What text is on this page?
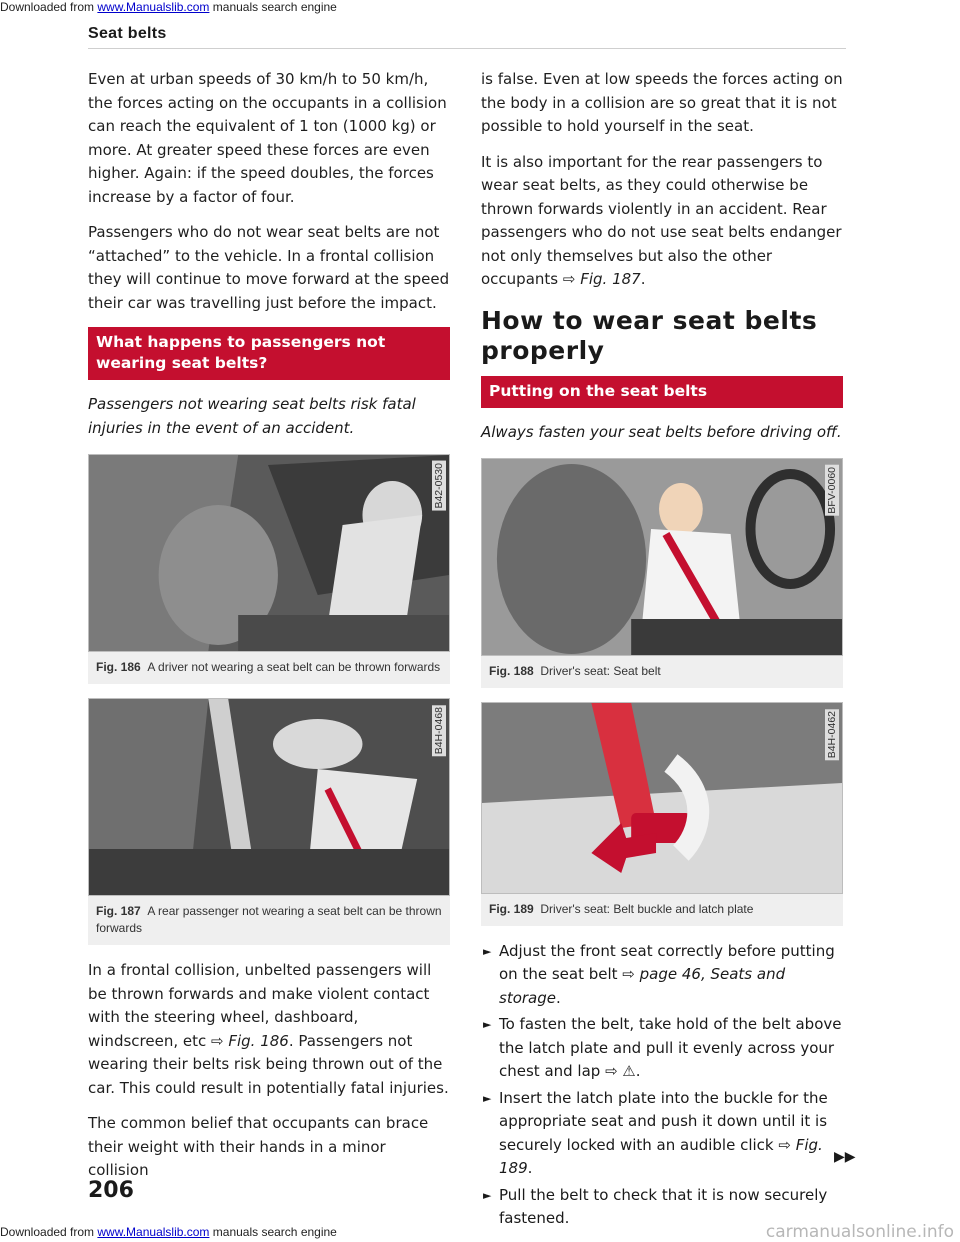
Downloaded from www.Manualslib.com manuals search engine
Seat belts

Even at urban speeds of 30 km/h to 50 km/h, the forces acting on the occupants in a collision can reach the equivalent of 1 ton (1000 kg) or more. At greater speed these forces are even higher. Again: if the speed doubles, the forces increase by a factor of four.

Passengers who do not wear seat belts are not “attached” to the vehicle. In a frontal collision they will continue to move forward at the speed their car was travelling just before the impact.

What happens to passengers not wearing seat belts?

Passengers not wearing seat belts risk fatal injuries in the event of an accident.

B42-0530
Fig. 186 A driver not wearing a seat belt can be thrown forwards
B4H-0468
Fig. 187 A rear passenger not wearing a seat belt can be thrown forwards

In a frontal collision, unbelted passengers will be thrown forwards and make violent contact with the steering wheel, dashboard, windscreen, etc ⇨ Fig. 186. Passengers not wearing their belts risk being thrown out of the car. This could result in potentially fatal injuries.

The common belief that occupants can brace their weight with their hands in a minor collision

is false. Even at low speeds the forces acting on the body in a collision are so great that it is not possible to hold yourself in the seat.

It is also important for the rear passengers to wear seat belts, as they could otherwise be thrown forwards violently in an accident. Rear passengers who do not use seat belts endanger not only themselves but also the other occupants ⇨ Fig. 187.

How to wear seat belts properly
Putting on the seat belts

Always fasten your seat belts before driving off.

BFV-0060
Fig. 188 Driver's seat: Seat belt
B4H-0462
Fig. 189 Driver's seat: Belt buckle and latch plate
► Adjust the front seat correctly before putting on the seat belt ⇨ page 46, Seats and storage.
► To fasten the belt, take hold of the belt above the latch plate and pull it evenly across your chest and lap ⇨ ⚠.
► Insert the latch plate into the buckle for the appropriate seat and push it down until it is securely locked with an audible click ⇨ Fig. 189.
► Pull the belt to check that it is now securely fastened.
▶▶
206
Downloaded from www.Manualslib.com manuals search engine	carmanualsonline.info
